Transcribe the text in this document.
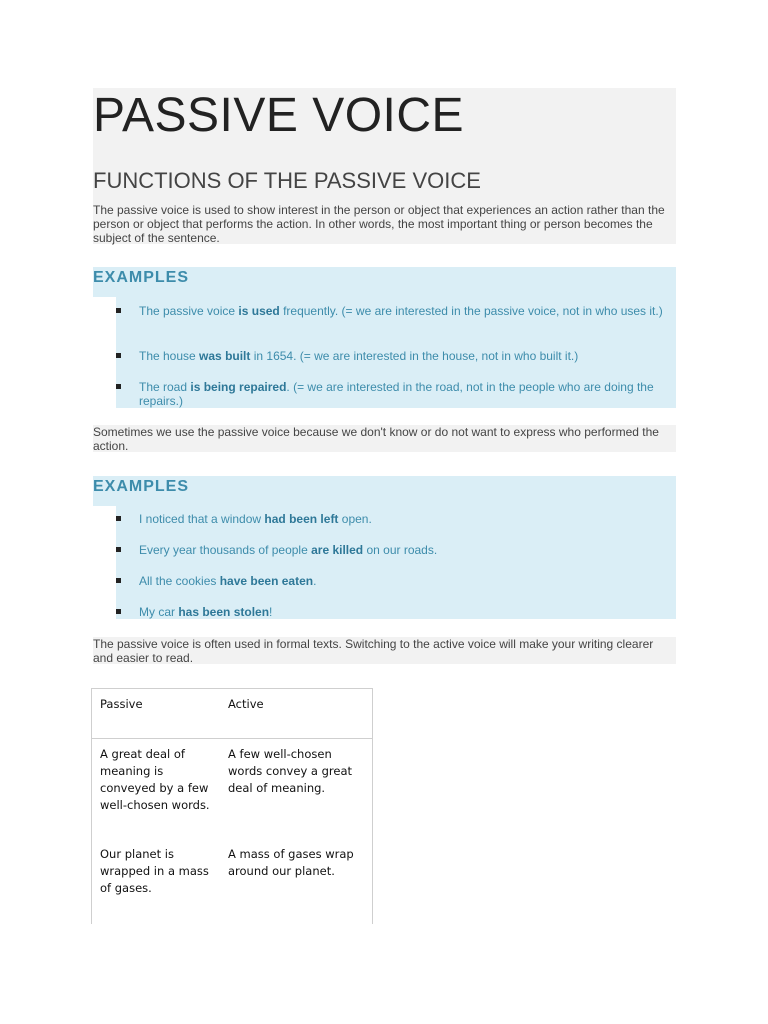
PASSIVE VOICE
FUNCTIONS OF THE PASSIVE VOICE

The passive voice is used to show interest in the person or object that experiences an action rather than the person or object that performs the action. In other words, the most important thing or person becomes the subject of the sentence.

EXAMPLES
The passive voice is used frequently. (= we are interested in the passive voice, not in who uses it.)
The house was built in 1654. (= we are interested in the house, not in who built it.)
The road is being repaired. (= we are interested in the road, not in the people who are doing the repairs.)
Sometimes we use the passive voice because we don't know or do not want to express who performed the action.
EXAMPLES
I noticed that a window had been left open.
Every year thousands of people are killed on our roads.
All the cookies have been eaten.
My car has been stolen!
The passive voice is often used in formal texts. Switching to the active voice will make your writing clearer and easier to read.
Passive	Active
A great deal of meaning is conveyed by a few well-chosen words.
A few well-chosen words convey a great deal of meaning.
Our planet is wrapped in a mass of gases.
A mass of gases wrap around our planet.
